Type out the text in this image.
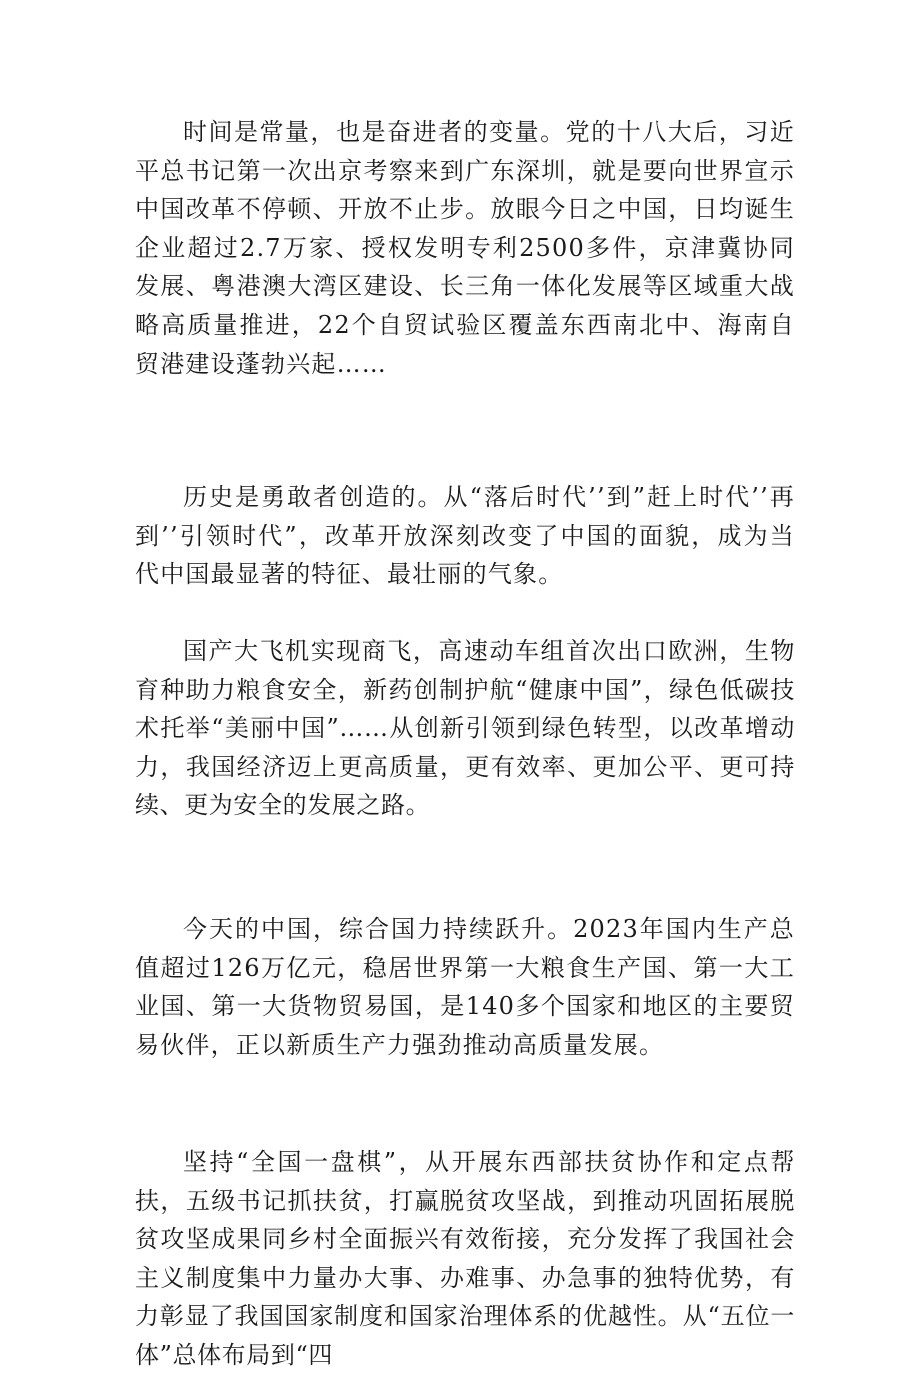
时间是常量，也是奋进者的变量。党的十八大后，习近平总书记第一次出京考察来到广东深圳，就是要向世界宣示中国改革不停顿、开放不止步。放眼今日之中国，日均诞生企业超过2.7万家、授权发明专利2500多件，京津冀协同发展、粤港澳大湾区建设、长三角一体化发展等区域重大战略高质量推进，22个自贸试验区覆盖东西南北中、海南自贸港建设蓬勃兴起……

历史是勇敢者创造的。从“落后时代’’到”赶上时代’’再到’’引领时代”，改革开放深刻改变了中国的面貌，成为当代中国最显著的特征、最壮丽的气象。

国产大飞机实现商飞，高速动车组首次出口欧洲，生物育种助力粮食安全，新药创制护航“健康中国”，绿色低碳技术托举“美丽中国”……从创新引领到绿色转型，以改革增动力，我国经济迈上更高质量，更有效率、更加公平、更可持续、更为安全的发展之路。

今天的中国，综合国力持续跃升。2023年国内生产总值超过126万亿元，稳居世界第一大粮食生产国、第一大工业国、第一大货物贸易国，是140多个国家和地区的主要贸易伙伴，正以新质生产力强劲推动高质量发展。

坚持“全国一盘棋”，从开展东西部扶贫协作和定点帮扶，五级书记抓扶贫，打赢脱贫攻坚战，到推动巩固拓展脱贫攻坚成果同乡村全面振兴有效衔接，充分发挥了我国社会主义制度集中力量办大事、办难事、办急事的独特优势，有力彰显了我国国家制度和国家治理体系的优越性。从“五位一体”总体布局到“四
